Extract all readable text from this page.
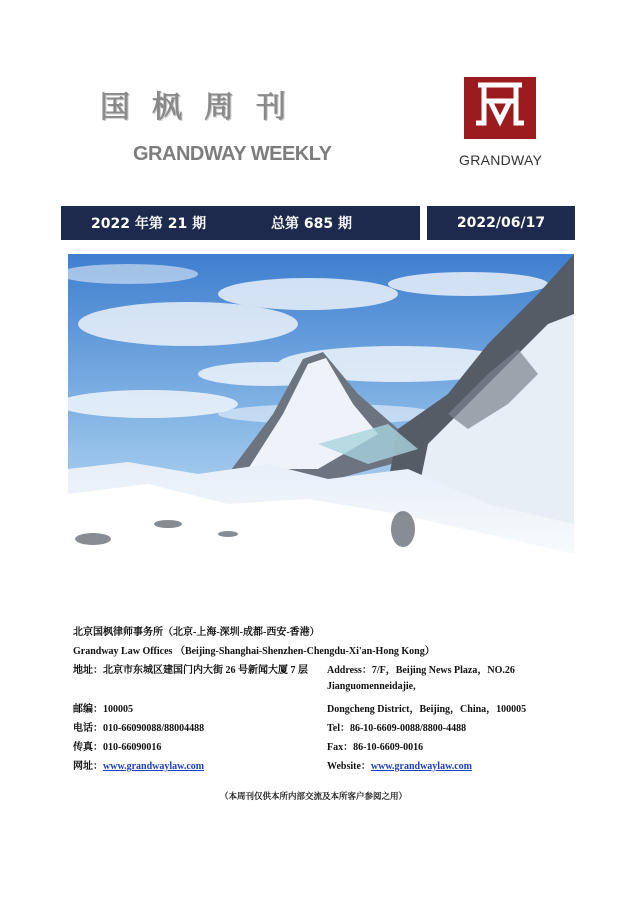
国枫周刊
GRANDWAY WEEKLY	GRANDWAY
2022 年第 21 期	总第 685 期	2022/06/17
北京国枫律师事务所（北京-上海-深圳-成都-西安-香港）
Grandway Law Offices （Beijing-Shanghai-Shenzhen-Chengdu-Xi'an-Hong Kong）
地址：北京市东城区建国门内大街 26 号新闻大厦 7 层 Address：7/F，Beijing News Plaza，NO.26
Jianguomenneidajie,
邮编：100005	Dongcheng District，Beijing，China，100005
电话：010-66090088/88004488	Tel：86-10-6609-0088/8800-4488
传真：010-66090016	Fax：86-10-6609-0016
网址：www.grandwaylaw.com	Website：www.grandwaylaw.com
（本周刊仅供本所内部交流及本所客户参阅之用）
